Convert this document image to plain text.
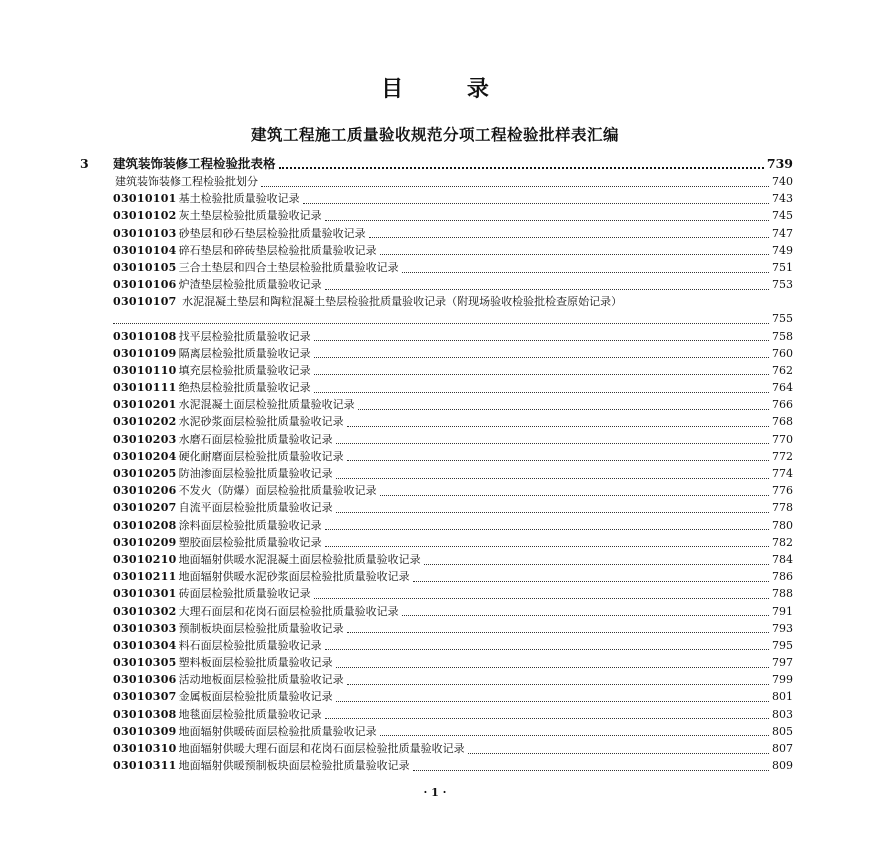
目 录
建筑工程施工质量验收规范分项工程检验批样表汇编
3	建筑装饰装修工程检验批表格	739
建筑装饰装修工程检验批划分	740
03010101 基土检验批质量验收记录	743
03010102 灰土垫层检验批质量验收记录	745
03010103 砂垫层和砂石垫层检验批质量验收记录	747
03010104 碎石垫层和碎砖垫层检验批质量验收记录	749
03010105 三合土垫层和四合土垫层检验批质量验收记录	751
03010106 炉渣垫层检验批质量验收记录	753
03010107 水泥混凝土垫层和陶粒混凝土垫层检验批质量验收记录（附现场验收检验批检查原始记录）
755
03010108 找平层检验批质量验收记录	758
03010109 隔离层检验批质量验收记录	760
03010110 填充层检验批质量验收记录	762
03010111 绝热层检验批质量验收记录	764
03010201 水泥混凝土面层检验批质量验收记录	766
03010202 水泥砂浆面层检验批质量验收记录	768
03010203 水磨石面层检验批质量验收记录	770
03010204 硬化耐磨面层检验批质量验收记录	772
03010205 防油渗面层检验批质量验收记录	774
03010206 不发火（防爆）面层检验批质量验收记录	776
03010207 自流平面层检验批质量验收记录	778
03010208 涂料面层检验批质量验收记录	780
03010209 塑胶面层检验批质量验收记录	782
03010210 地面辐射供暖水泥混凝土面层检验批质量验收记录	784
03010211 地面辐射供暖水泥砂浆面层检验批质量验收记录	786
03010301 砖面层检验批质量验收记录	788
03010302 大理石面层和花岗石面层检验批质量验收记录	791
03010303 预制板块面层检验批质量验收记录	793
03010304 料石面层检验批质量验收记录	795
03010305 塑料板面层检验批质量验收记录	797
03010306 活动地板面层检验批质量验收记录	799
03010307 金属板面层检验批质量验收记录	801
03010308 地毯面层检验批质量验收记录	803
03010309 地面辐射供暖砖面层检验批质量验收记录	805
03010310 地面辐射供暖大理石面层和花岗石面层检验批质量验收记录	807
03010311 地面辐射供暖预制板块面层检验批质量验收记录	809
· 1 ·
